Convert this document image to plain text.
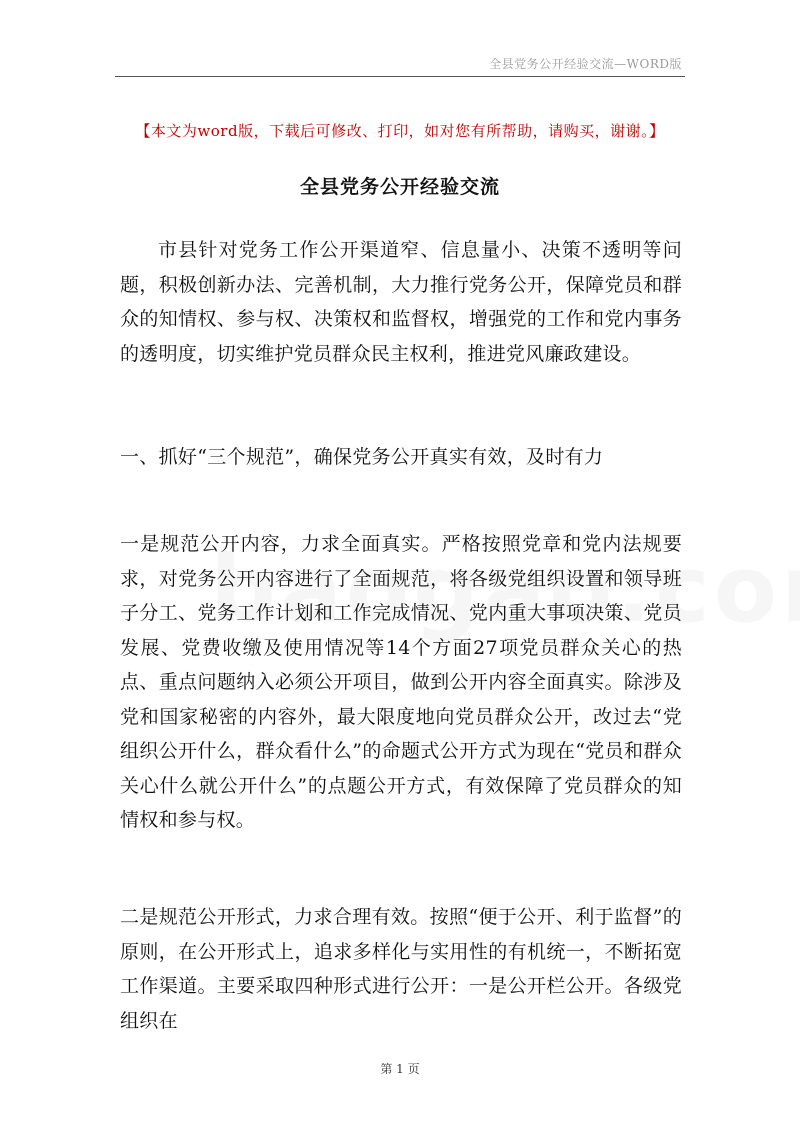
全县党务公开经验交流—WORD版
【本文为word版，下载后可修改、打印，如对您有所帮助，请购买，谢谢。】
全县党务公开经验交流

市县针对党务工作公开渠道窄、信息量小、决策不透明等问题，积极创新办法、完善机制，大力推行党务公开，保障党员和群众的知情权、参与权、决策权和监督权，增强党的工作和党内事务的透明度，切实维护党员群众民主权利，推进党风廉政建设。

一、抓好“三个规范”，确保党务公开真实有效，及时有力

一是规范公开内容，力求全面真实。严格按照党章和党内法规要求，对党务公开内容进行了全面规范，将各级党组织设置和领导班子分工、党务工作计划和工作完成情况、党内重大事项决策、党员发展、党费收缴及使用情况等14个方面27项党员群众关心的热点、重点问题纳入必须公开项目，做到公开内容全面真实。除涉及党和国家秘密的内容外，最大限度地向党员群众公开，改过去“党组织公开什么，群众看什么”的命题式公开方式为现在“党员和群众关心什么就公开什么”的点题公开方式，有效保障了党员群众的知情权和参与权。

二是规范公开形式，力求合理有效。按照“便于公开、利于监督”的原则，在公开形式上，追求多样化与实用性的有机统一，不断拓宽工作渠道。主要采取四种形式进行公开：一是公开栏公开。各级党组织在

第 1 页
